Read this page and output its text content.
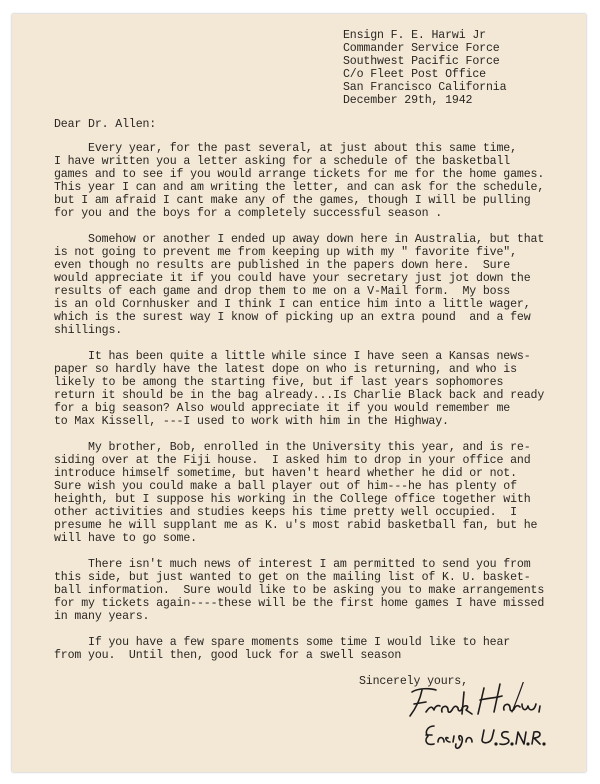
Ensign F. E. Harwi Jr
Commander Service Force
Southwest Pacific Force
C/o Fleet Post Office
San Francisco California
December 29th, 1942
Dear Dr. Allen:
Every year, for the past several, at just about this same time,
I have written you a letter asking for a schedule of the basketball
games and to see if you would arrange tickets for me for the home games.
This year I can and am writing the letter, and can ask for the schedule,
but I am afraid I cant make any of the games, though I will be pulling
for you and the boys for a completely successful season .
Somehow or another I ended up away down here in Australia, but that
is not going to prevent me from keeping up with my " favorite five",
even though no results are published in the papers down here.  Sure
would appreciate it if you could have your secretary just jot down the
results of each game and drop them to me on a V-Mail form.  My boss
is an old Cornhusker and I think I can entice him into a little wager,
which is the surest way I know of picking up an extra pound  and a few
shillings.
It has been quite a little while since I have seen a Kansas news-
paper so hardly have the latest dope on who is returning, and who is
likely to be among the starting five, but if last years sophomores
return it should be in the bag already...Is Charlie Black back and ready
for a big season? Also would appreciate it if you would remember me
to Max Kissell, ---I used to work with him in the Highway.
My brother, Bob, enrolled in the University this year, and is re-
siding over at the Fiji house.  I asked him to drop in your office and
introduce himself sometime, but haven't heard whether he did or not.
Sure wish you could make a ball player out of him---he has plenty of
heighth, but I suppose his working in the College office together with
other activities and studies keeps his time pretty well occupied.  I
presume he will supplant me as K. u's most rabid basketball fan, but he
will have to go some.
There isn't much news of interest I am permitted to send you from
this side, but just wanted to get on the mailing list of K. U. basket-
ball information.  Sure would like to be asking you to make arrangements
for my tickets again----these will be the first home games I have missed
in many years.
If you have a few spare moments some time I would like to hear
from you.  Until then, good luck for a swell season
Sincerely yours,
